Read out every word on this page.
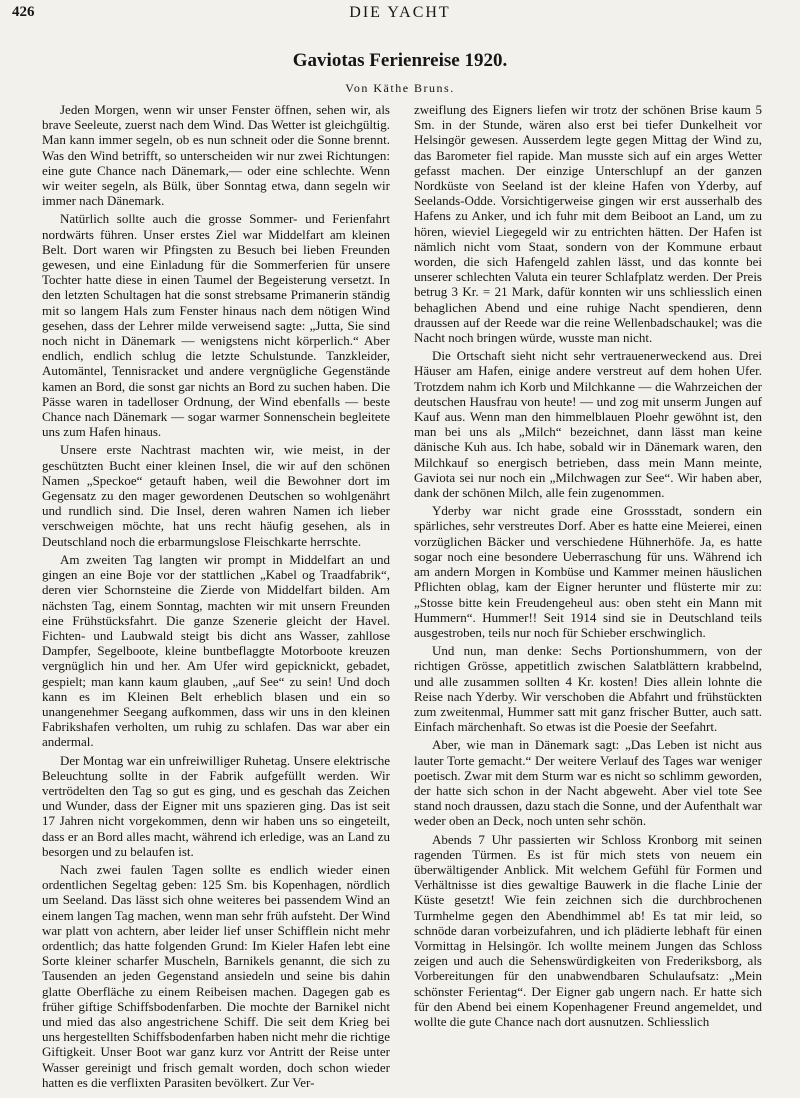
426	DIE YACHT
Gaviotas Ferienreise 1920.
Von Käthe Bruns.

Jeden Morgen, wenn wir unser Fenster öffnen, sehen wir, als brave Seeleute, zuerst nach dem Wind. Das Wetter ist gleichgültig. Man kann immer segeln, ob es nun schneit oder die Sonne brennt. Was den Wind betrifft, so unterscheiden wir nur zwei Richtungen: eine gute Chance nach Dänemark,— oder eine schlechte. Wenn wir weiter segeln, als Bülk, über Sonntag etwa, dann segeln wir immer nach Dänemark.

Natürlich sollte auch die grosse Sommer- und Ferienfahrt nordwärts führen. Unser erstes Ziel war Middelfart am kleinen Belt. Dort waren wir Pfingsten zu Besuch bei lieben Freunden gewesen, und eine Einladung für die Sommerferien für unsere Tochter hatte diese in einen Taumel der Begeisterung versetzt. In den letzten Schultagen hat die sonst strebsame Primanerin ständig mit so langem Hals zum Fenster hinaus nach dem nötigen Wind gesehen, dass der Lehrer milde verweisend sagte: „Jutta, Sie sind noch nicht in Dänemark — wenigstens nicht körperlich.“ Aber endlich, endlich schlug die letzte Schulstunde. Tanzkleider, Automäntel, Tennisracket und andere vergnügliche Gegenstände kamen an Bord, die sonst gar nichts an Bord zu suchen haben. Die Pässe waren in tadelloser Ordnung, der Wind ebenfalls — beste Chance nach Dänemark — sogar warmer Sonnenschein begleitete uns zum Hafen hinaus.

Unsere erste Nachtrast machten wir, wie meist, in der geschützten Bucht einer kleinen Insel, die wir auf den schönen Namen „Speckoe“ getauft haben, weil die Bewohner dort im Gegensatz zu den mager gewordenen Deutschen so wohlgenährt und rundlich sind. Die Insel, deren wahren Namen ich lieber verschweigen möchte, hat uns recht häufig gesehen, als in Deutschland noch die erbarmungslose Fleischkarte herrschte.

Am zweiten Tag langten wir prompt in Middelfart an und gingen an eine Boje vor der stattlichen „Kabel og Traadfabrik“, deren vier Schornsteine die Zierde von Middelfart bilden. Am nächsten Tag, einem Sonntag, machten wir mit unsern Freunden eine Frühstücksfahrt. Die ganze Szenerie gleicht der Havel. Fichten- und Laubwald steigt bis dicht ans Wasser, zahllose Dampfer, Segelboote, kleine buntbeflaggte Motorboote kreuzen vergnüglich hin und her. Am Ufer wird gepicknickt, gebadet, gespielt; man kann kaum glauben, „auf See“ zu sein! Und doch kann es im Kleinen Belt erheblich blasen und ein so unangenehmer Seegang aufkommen, dass wir uns in den kleinen Fabrikshafen verholten, um ruhig zu schlafen. Das war aber ein andermal.

Der Montag war ein unfreiwilliger Ruhetag. Unsere elektrische Beleuchtung sollte in der Fabrik aufgefüllt werden. Wir vertrödelten den Tag so gut es ging, und es geschah das Zeichen und Wunder, dass der Eigner mit uns spazieren ging. Das ist seit 17 Jahren nicht vorgekommen, denn wir haben uns so eingeteilt, dass er an Bord alles macht, während ich erledige, was an Land zu besorgen und zu belaufen ist.

Nach zwei faulen Tagen sollte es endlich wieder einen ordentlichen Segeltag geben: 125 Sm. bis Kopenhagen, nördlich um Seeland. Das lässt sich ohne weiteres bei passendem Wind an einem langen Tag machen, wenn man sehr früh aufsteht. Der Wind war platt von achtern, aber leider lief unser Schifflein nicht mehr ordentlich; das hatte folgenden Grund: Im Kieler Hafen lebt eine Sorte kleiner scharfer Muscheln, Barnikels genannt, die sich zu Tausenden an jeden Gegenstand ansiedeln und seine bis dahin glatte Oberfläche zu einem Reibeisen machen. Dagegen gab es früher giftige Schiffsbodenfarben. Die mochte der Barnikel nicht und mied das also angestrichene Schiff. Die seit dem Krieg bei uns hergestellten Schiffsbodenfarben haben nicht mehr die richtige Giftigkeit. Unser Boot war ganz kurz vor Antritt der Reise unter Wasser gereinigt und frisch gemalt worden, doch schon wieder hatten es die verflixten Parasiten bevölkert. Zur Ver-

zweiflung des Eigners liefen wir trotz der schönen Brise kaum 5 Sm. in der Stunde, wären also erst bei tiefer Dunkelheit vor Helsingör gewesen. Ausserdem legte gegen Mittag der Wind zu, das Barometer fiel rapide. Man musste sich auf ein arges Wetter gefasst machen. Der einzige Unterschlupf an der ganzen Nordküste von Seeland ist der kleine Hafen von Yderby, auf Seelands-Odde. Vorsichtigerweise gingen wir erst ausserhalb des Hafens zu Anker, und ich fuhr mit dem Beiboot an Land, um zu hören, wieviel Liegegeld wir zu entrichten hätten. Der Hafen ist nämlich nicht vom Staat, sondern von der Kommune erbaut worden, die sich Hafengeld zahlen lässt, und das konnte bei unserer schlechten Valuta ein teurer Schlafplatz werden. Der Preis betrug 3 Kr. = 21 Mark, dafür konnten wir uns schliesslich einen behaglichen Abend und eine ruhige Nacht spendieren, denn draussen auf der Reede war die reine Wellenbadschaukel; was die Nacht noch bringen würde, wusste man nicht.

Die Ortschaft sieht nicht sehr vertrauenerweckend aus. Drei Häuser am Hafen, einige andere verstreut auf dem hohen Ufer. Trotzdem nahm ich Korb und Milchkanne — die Wahrzeichen der deutschen Hausfrau von heute! — und zog mit unserm Jungen auf Kauf aus. Wenn man den himmelblauen Ploehr gewöhnt ist, den man bei uns als „Milch“ bezeichnet, dann lässt man keine dänische Kuh aus. Ich habe, sobald wir in Dänemark waren, den Milchkauf so energisch betrieben, dass mein Mann meinte, Gaviota sei nur noch ein „Milchwagen zur See“. Wir haben aber, dank der schönen Milch, alle fein zugenommen.

Yderby war nicht grade eine Grossstadt, sondern ein spärliches, sehr verstreutes Dorf. Aber es hatte eine Meierei, einen vorzüglichen Bäcker und verschiedene Hühnerhöfe. Ja, es hatte sogar noch eine besondere Ueberraschung für uns. Während ich am andern Morgen in Kombüse und Kammer meinen häuslichen Pflichten oblag, kam der Eigner herunter und flüsterte mir zu: „Stosse bitte kein Freudengeheul aus: oben steht ein Mann mit Hummern“. Hummer!! Seit 1914 sind sie in Deutschland teils ausgestroben, teils nur noch für Schieber erschwinglich.

Und nun, man denke: Sechs Portionshummern, von der richtigen Grösse, appetitlich zwischen Salatblättern krabbelnd, und alle zusammen sollten 4 Kr. kosten! Dies allein lohnte die Reise nach Yderby. Wir verschoben die Abfahrt und frühstückten zum zweitenmal, Hummer satt mit ganz frischer Butter, auch satt. Einfach märchenhaft. So etwas ist die Poesie der Seefahrt.

Aber, wie man in Dänemark sagt: „Das Leben ist nicht aus lauter Torte gemacht.“ Der weitere Verlauf des Tages war weniger poetisch. Zwar mit dem Sturm war es nicht so schlimm geworden, der hatte sich schon in der Nacht abgeweht. Aber viel tote See stand noch draussen, dazu stach die Sonne, und der Aufenthalt war weder oben an Deck, noch unten sehr schön.

Abends 7 Uhr passierten wir Schloss Kronborg mit seinen ragenden Türmen. Es ist für mich stets von neuem ein überwältigender Anblick. Mit welchem Gefühl für Formen und Verhältnisse ist dies gewaltige Bauwerk in die flache Linie der Küste gesetzt! Wie fein zeichnen sich die durchbrochenen Turmhelme gegen den Abendhimmel ab! Es tat mir leid, so schnöde daran vorbeizufahren, und ich plädierte lebhaft für einen Vormittag in Helsingör. Ich wollte meinem Jungen das Schloss zeigen und auch die Sehenswürdigkeiten von Frederiksborg, als Vorbereitungen für den unabwendbaren Schulaufsatz: „Mein schönster Ferientag“. Der Eigner gab ungern nach. Er hatte sich für den Abend bei einem Kopenhagener Freund angemeldet, und wollte die gute Chance nach dort ausnutzen. Schliesslich
